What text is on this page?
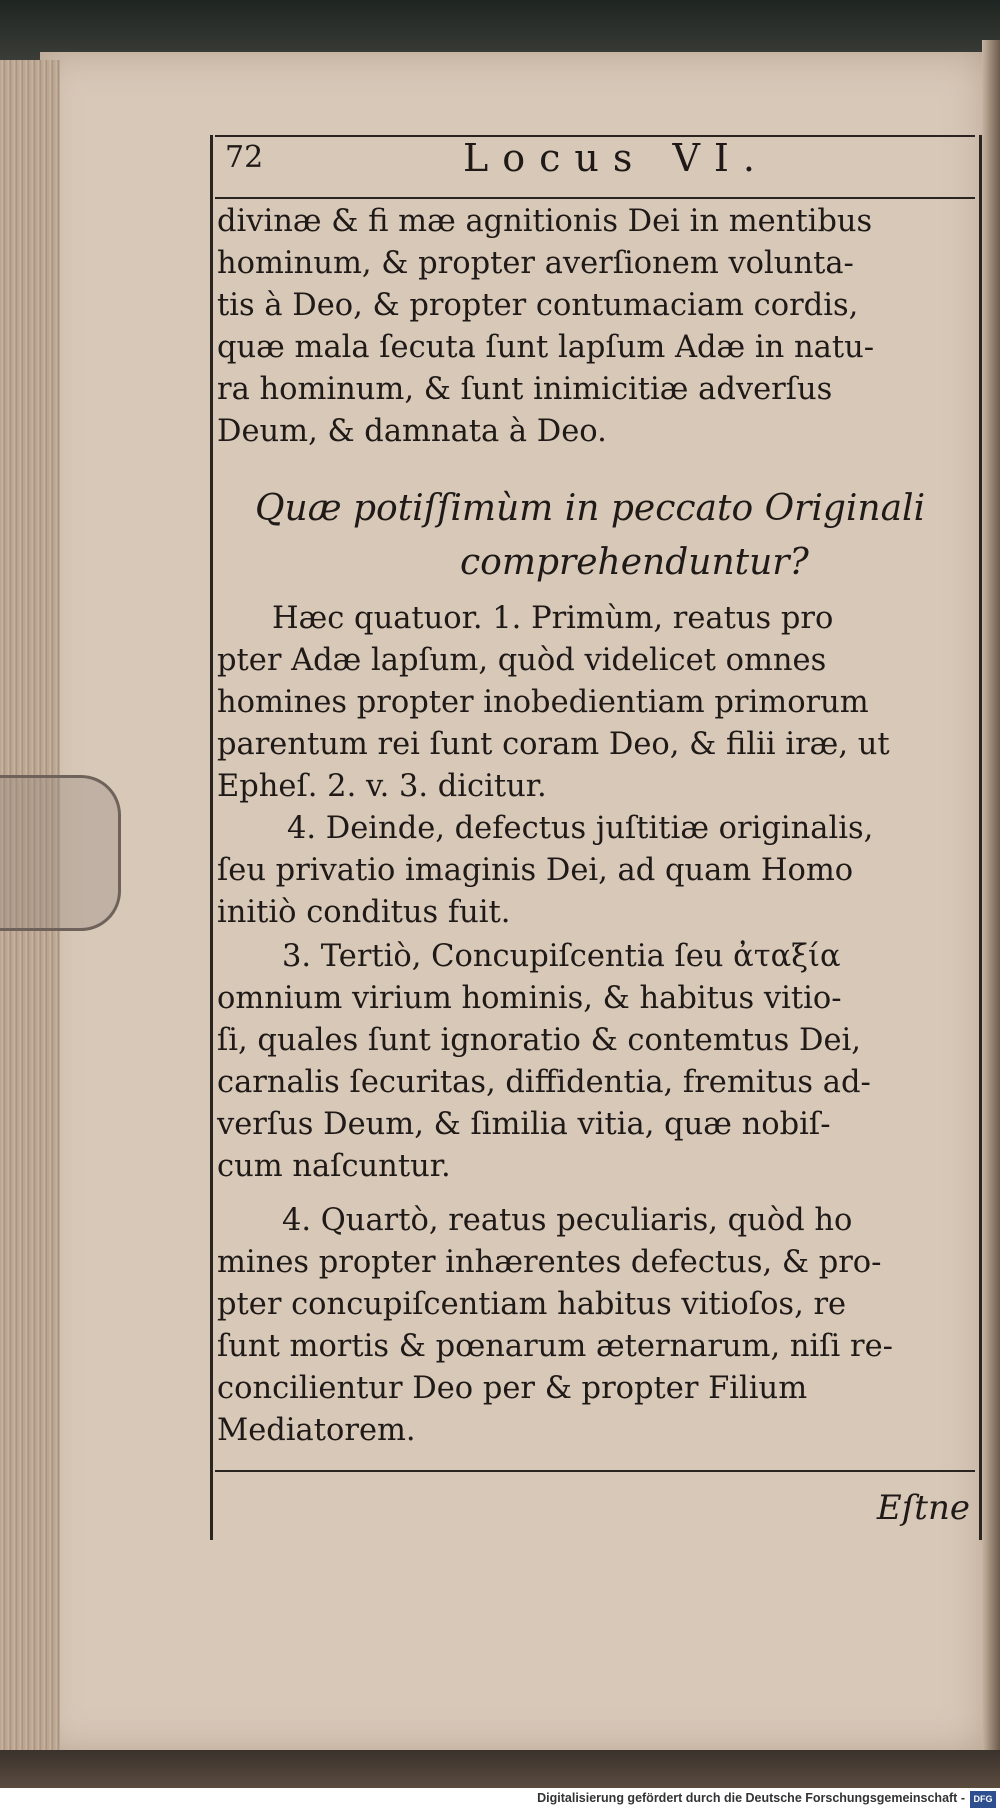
72	Locus VI.
divinæ & fi mæ agnitionis Dei in mentibus
hominum, & propter averſionem volunta-
tis à Deo, & propter contumaciam cordis,
quæ mala ſecuta ſunt lapſum Adæ in natu-
ra hominum, & ſunt inimicitiæ adverſus
Deum, & damnata à Deo.
Quæ potiſſimùm in peccato Originali
comprehenduntur?
Hæc quatuor. 1. Primùm, reatus pro
pter Adæ lapſum, quòd videlicet omnes
homines propter inobedientiam primorum
parentum rei ſunt coram Deo, & filii iræ, ut
Epheſ. 2. v. 3. dicitur.
4. Deinde, defectus juſtitiæ originalis,
ſeu privatio imaginis Dei, ad quam Homo
initiò conditus fuit.
3. Tertiò, Concupiſcentia ſeu ἀταξία
omnium virium hominis, & habitus vitio-
ſi, quales ſunt ignoratio & contemtus Dei,
carnalis ſecuritas, diffidentia, fremitus ad-
verſus Deum, & ſimilia vitia, quæ nobiſ-
cum naſcuntur.
4. Quartò, reatus peculiaris, quòd ho
mines propter inhærentes defectus, & pro-
pter concupiſcentiam habitus vitioſos, re
ſunt mortis & pœnarum æternarum, niſi re-
concilientur Deo per & propter Filium
Mediatorem.
Eſtne
Digitalisierung gefördert durch die Deutsche Forschungsgemeinschaft - DFG
